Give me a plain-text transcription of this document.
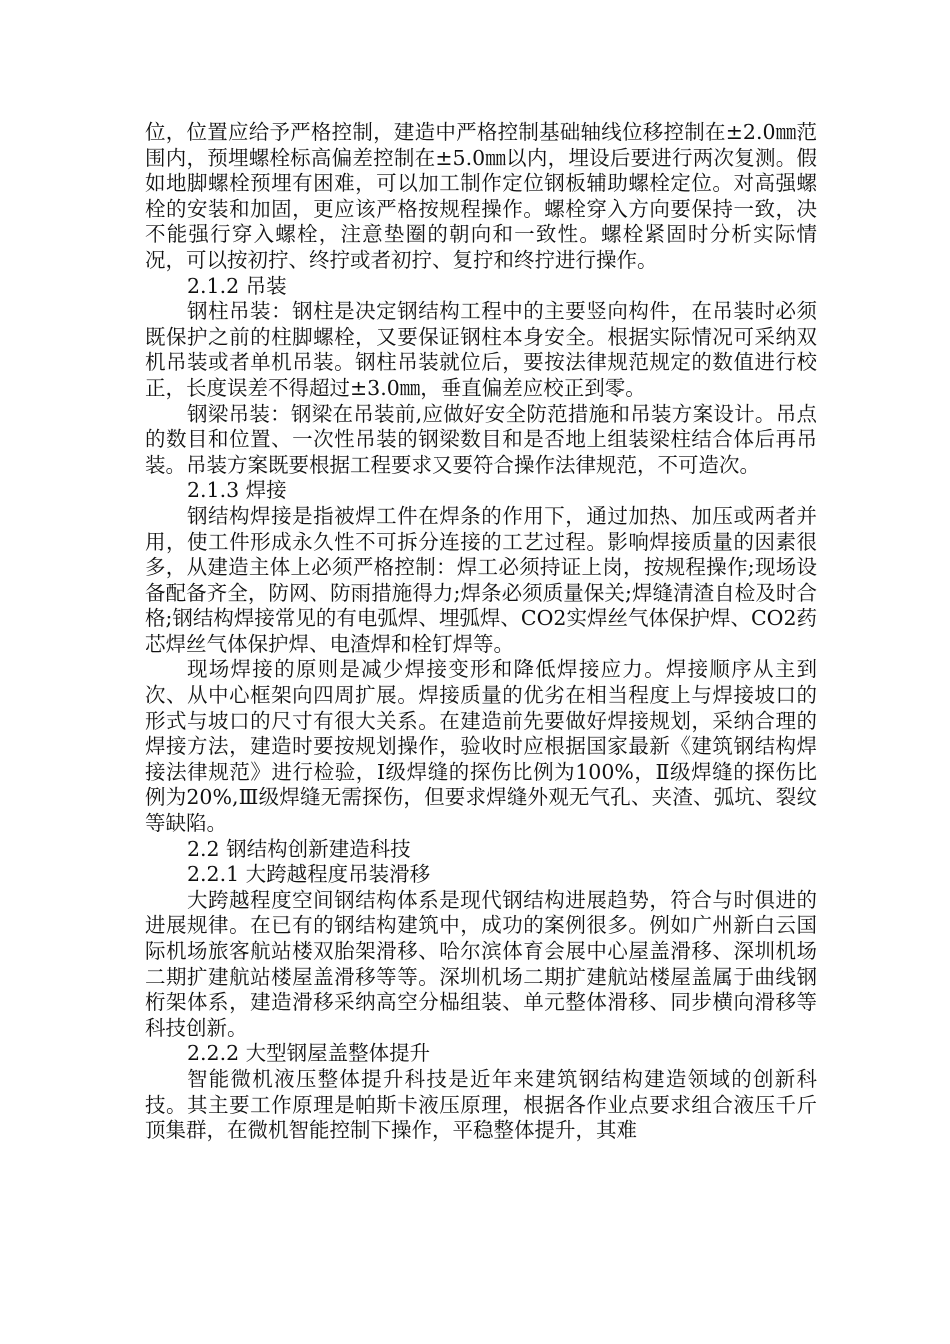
位，位置应给予严格控制，建造中严格控制基础轴线位移控制在±2.0㎜范围内，预埋螺栓标高偏差控制在±5.0㎜以内，埋设后要进行两次复测。假如地脚螺栓预埋有困难，可以加工制作定位钢板辅助螺栓定位。对高强螺栓的安装和加固，更应该严格按规程操作。螺栓穿入方向要保持一致，决不能强行穿入螺栓，注意垫圈的朝向和一致性。螺栓紧固时分析实际情况，可以按初拧、终拧或者初拧、复拧和终拧进行操作。

2.1.2 吊装

钢柱吊装：钢柱是决定钢结构工程中的主要竖向构件，在吊装时必须既保护之前的柱脚螺栓，又要保证钢柱本身安全。根据实际情况可采纳双机吊装或者单机吊装。钢柱吊装就位后，要按法律规范规定的数值进行校正，长度误差不得超过±3.0㎜，垂直偏差应校正到零。

钢梁吊装：钢梁在吊装前,应做好安全防范措施和吊装方案设计。吊点的数目和位置、一次性吊装的钢梁数目和是否地上组装梁柱结合体后再吊装。吊装方案既要根据工程要求又要符合操作法律规范，不可造次。

2.1.3 焊接

钢结构焊接是指被焊工件在焊条的作用下，通过加热、加压或两者并用，使工件形成永久性不可拆分连接的工艺过程。影响焊接质量的因素很多，从建造主体上必须严格控制：焊工必须持证上岗，按规程操作;现场设备配备齐全，防网、防雨措施得力;焊条必须质量保关;焊缝清渣自检及时合格;钢结构焊接常见的有电弧焊、埋弧焊、CO2实焊丝气体保护焊、CO2药芯焊丝气体保护焊、电渣焊和栓钉焊等。

现场焊接的原则是减少焊接变形和降低焊接应力。焊接顺序从主到次、从中心框架向四周扩展。焊接质量的优劣在相当程度上与焊接坡口的形式与坡口的尺寸有很大关系。在建造前先要做好焊接规划，采纳合理的焊接方法，建造时要按规划操作，验收时应根据国家最新《建筑钢结构焊接法律规范》进行检验，Ⅰ级焊缝的探伤比例为100%，Ⅱ级焊缝的探伤比例为20%,Ⅲ级焊缝无需探伤，但要求焊缝外观无气孔、夹渣、弧坑、裂纹等缺陷。

2.2 钢结构创新建造科技

2.2.1 大跨越程度吊装滑移

大跨越程度空间钢结构体系是现代钢结构进展趋势，符合与时俱进的进展规律。在已有的钢结构建筑中，成功的案例很多。例如广州新白云国际机场旅客航站楼双胎架滑移、哈尔滨体育会展中心屋盖滑移、深圳机场二期扩建航站楼屋盖滑移等等。深圳机场二期扩建航站楼屋盖属于曲线钢桁架体系，建造滑移采纳高空分榀组装、单元整体滑移、同步横向滑移等科技创新。

2.2.2 大型钢屋盖整体提升

智能微机液压整体提升科技是近年来建筑钢结构建造领域的创新科技。其主要工作原理是帕斯卡液压原理，根据各作业点要求组合液压千斤顶集群，在微机智能控制下操作，平稳整体提升，其难
